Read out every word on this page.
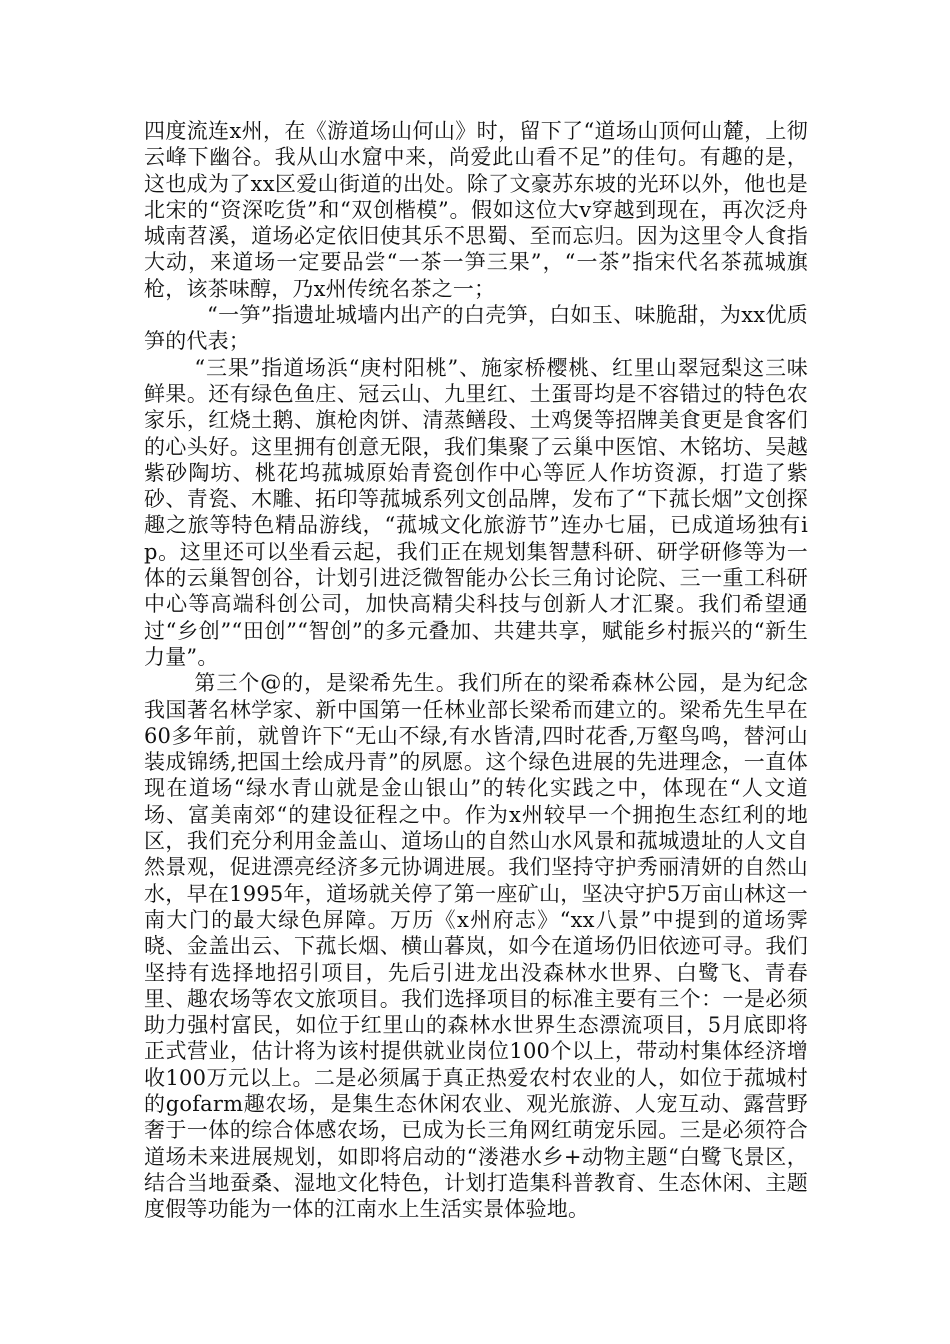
四度流连x州，在《游道场山何山》时，留下了“道场山顶何山麓，上彻云峰下幽谷。我从山水窟中来，尚爱此山看不足”的佳句。有趣的是，这也成为了xx区爱山街道的出处。除了文豪苏东坡的光环以外，他也是北宋的“资深吃货”和“双创楷模”。假如这位大v穿越到现在，再次泛舟城南苕溪，道场必定依旧使其乐不思蜀、至而忘归。因为这里令人食指大动，来道场一定要品尝“一茶一笋三果”，“一茶”指宋代名茶菰城旗枪，该茶味醇，乃x州传统名茶之一；

“一笋”指遗址城墙内出产的白壳笋，白如玉、味脆甜，为xx优质笋的代表；

“三果”指道场浜“庚村阳桃”、施家桥樱桃、红里山翠冠梨这三味鲜果。还有绿色鱼庄、冠云山、九里红、土蛋哥均是不容错过的特色农家乐，红烧土鹅、旗枪肉饼、清蒸鳝段、土鸡煲等招牌美食更是食客们的心头好。这里拥有创意无限，我们集聚了云巢中医馆、木铭坊、吴越紫砂陶坊、桃花坞菰城原始青瓷创作中心等匠人作坊资源，打造了紫砂、青瓷、木雕、拓印等菰城系列文创品牌，发布了“下菰长烟”文创探趣之旅等特色精品游线，“菰城文化旅游节”连办七届，已成道场独有ip。这里还可以坐看云起，我们正在规划集智慧科研、研学研修等为一体的云巢智创谷，计划引进泛微智能办公长三角讨论院、三一重工科研中心等高端科创公司，加快高精尖科技与创新人才汇聚。我们希望通过“乡创”“田创”“智创”的多元叠加、共建共享，赋能乡村振兴的“新生力量”。

第三个@的，是梁希先生。我们所在的梁希森林公园，是为纪念我国著名林学家、新中国第一任林业部长梁希而建立的。梁希先生早在60多年前，就曾许下“无山不绿,有水皆清,四时花香,万壑鸟鸣，替河山装成锦绣,把国土绘成丹青”的夙愿。这个绿色进展的先进理念，一直体现在道场“绿水青山就是金山银山”的转化实践之中，体现在“人文道场、富美南郊“的建设征程之中。作为x州较早一个拥抱生态红利的地区，我们充分利用金盖山、道场山的自然山水风景和菰城遗址的人文自然景观，促进漂亮经济多元协调进展。我们坚持守护秀丽清妍的自然山水，早在1995年，道场就关停了第一座矿山，坚决守护5万亩山林这一南大门的最大绿色屏障。万历《x州府志》“xx八景”中提到的道场霁晓、金盖出云、下菰长烟、横山暮岚，如今在道场仍旧依迹可寻。我们坚持有选择地招引项目，先后引进龙出没森林水世界、白鹭飞、青春里、趣农场等农文旅项目。我们选择项目的标准主要有三个：一是必须助力强村富民，如位于红里山的森林水世界生态漂流项目，5月底即将正式营业，估计将为该村提供就业岗位100个以上，带动村集体经济增收100万元以上。二是必须属于真正热爱农村农业的人，如位于菰城村的gofarm趣农场，是集生态休闲农业、观光旅游、人宠互动、露营野奢于一体的综合体感农场，已成为长三角网红萌宠乐园。三是必须符合道场未来进展规划，如即将启动的“溇港水乡+动物主题“白鹭飞景区，结合当地蚕桑、湿地文化特色，计划打造集科普教育、生态休闲、主题度假等功能为一体的江南水上生活实景体验地。
